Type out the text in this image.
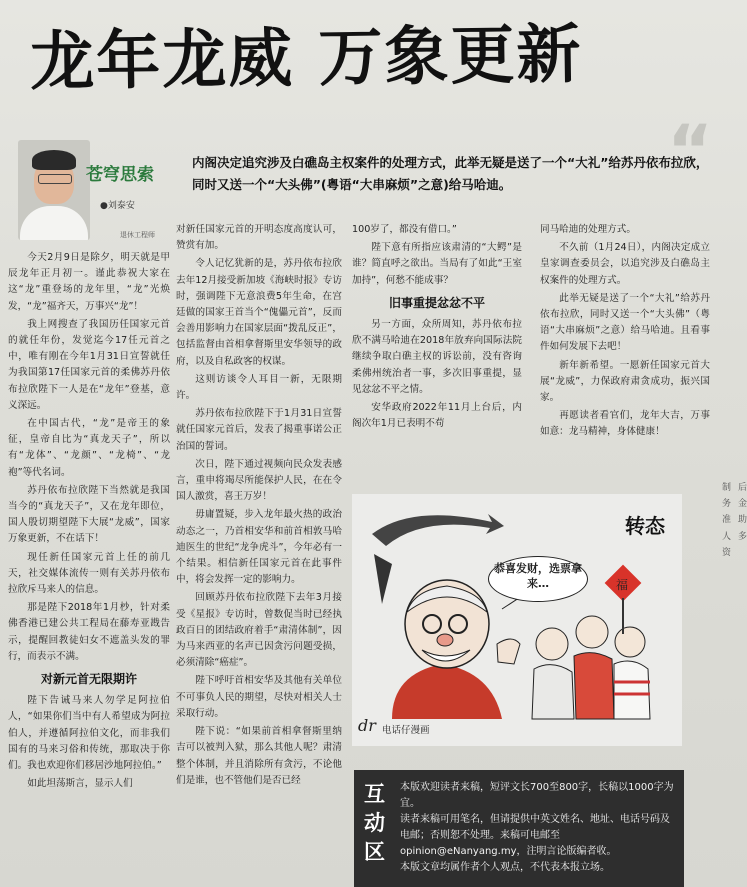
龙年龙威 万象更新
“
内阁决定追究涉及白礁岛主权案件的处理方式，此举无疑是送了一个“大礼”给苏丹依布拉欣，同时又送一个“大头佛”(粤语“大串麻烦”之意)给马哈迪。
苍穹思索
●刘泰安
退休工程师

今天2月9日是除夕，明天就是甲辰龙年正月初一。谨此恭祝大家在这“龙”重登场的龙年里，“龙”光焕发，“龙”福齐天，万事兴“龙”！

我上网搜查了我国历任国家元首的就任年份，发觉迄今17任元首之中，唯有刚在今年1月31日宣誓就任为我国第17任国家元首的柔佛苏丹依布拉欣陛下一人是在“龙年”登基，意义深远。

在中国古代，“龙”是帝王的象征，皇帝自比为“真龙天子”，所以有“龙体”、“龙颜”、“龙椅”、“龙袍”等代名词。

苏丹依布拉欣陛下当然就是我国当今的“真龙天子”，又在龙年即位，国人殷切期望陛下大展“龙威”，国家万象更新，不在话下！

现任新任国家元首上任的前几天，社交媒体流传一则有关苏丹依布拉欣斥马来人的信息。

那是陛下2018年1月杪，针对柔佛香港已建公共工程局在藤寿亚戡告示，提醒回教徒妇女不遮盖头发的罪行，而表示不满。

对新元首无限期许

陛下告诫马来人勿学足阿拉伯人，“如果你们当中有人希望成为阿拉伯人，并遵循阿拉伯文化，而非我们国有的马来习俗和传统，那取决于你们。我也欢迎你们移居沙地阿拉伯。”

如此坦荡斯言，显示人们

对新任国家元首的开明态度高度认可，赞赏有加。

令人记忆犹新的是，苏丹依布拉欣去年12月接受新加坡《海峡时报》专访时，强调陛下无意浪费5年生命，在宫廷做的国家王首当个“傀儡元首”，反而会善用影响力在国家层面“拨乱反正”，包括监督由首相拿督斯里安华领导的政府，以及自私政客的权谋。

这则访谈令人耳目一新，无限期许。

苏丹依布拉欣陛下于1月31日宣誓就任国家元首后，发表了揭重事诺公正治国的誓词。

次日，陛下通过视频向民众发表感言，重申将竭尽所能保护人民，在在令国人激赏，喜王万岁！

毋庸置疑，步入龙年最火热的政治动态之一，乃首相安华和前首相敦马哈迪医生的世纪“龙争虎斗”，今年必有一个结果。相信新任国家元首在此事件中，将会发挥一定的影响力。

回顾苏丹依布拉欣陛下去年3月接受《星报》专访时，曾数促当时已经执政百日的团结政府着手“肃清体制”，因为马来西亚的名声已因贪污问题受损，必须清除“癌症”。

陛下呼吁首相安华及其他有关单位不可事负人民的期望，尽快对相关人士采取行动。

陛下说：“如果前首相拿督斯里纳吉可以被判入狱，那么其他人呢？肃清整个体制，并且消除所有贪污，不论他们是谁，也不管他们是否已经

100岁了，都没有借口。”

陛下意有所指应该肃清的“大鳄”是谁？简直呼之欲出。当局有了如此“王室加持”，何愁不能成事？

旧事重提忿忿不平

另一方面，众所周知，苏丹依布拉欣不满马哈迪在2018年放弃向国际法院继续争取白礁主权的诉讼前，没有咨询柔佛州统治者一事，多次旧事重提，显见忿忿不平之情。

安华政府2022年11月上台后，内阁次年1月已表明不苟

同马哈迪的处理方式。

不久前（1月24日），内阁决定成立皇家调查委员会，以追究涉及白礁岛主权案件的处理方式。

此举无疑是送了一个“大礼”给苏丹依布拉欣，同时又送一个“大头佛”（粤语“大串麻烦”之意）给马哈迪。且看事件如何发展下去吧！

新年新希望。一愿新任国家元首大展“龙威”，力保政府肃贪成功，振兴国家。

再愿读者看官们，龙年大吉，万事如意：龙马精神，身体健康！

制 后 务 金 准 助人 多 资
福
转态
恭喜发财，选票拿来…
dr 电话仔漫画
互动区

本版欢迎读者来稿，短评文长700至800字，长稿以1000字为宜。

读者来稿可用笔名，但请提供中英文姓名、地址、电话号码及电邮；否则恕不处理。来稿可电邮至opinion@eNanyang.my，注明言论版编者收。

本版文章均属作者个人观点，不代表本报立场。
